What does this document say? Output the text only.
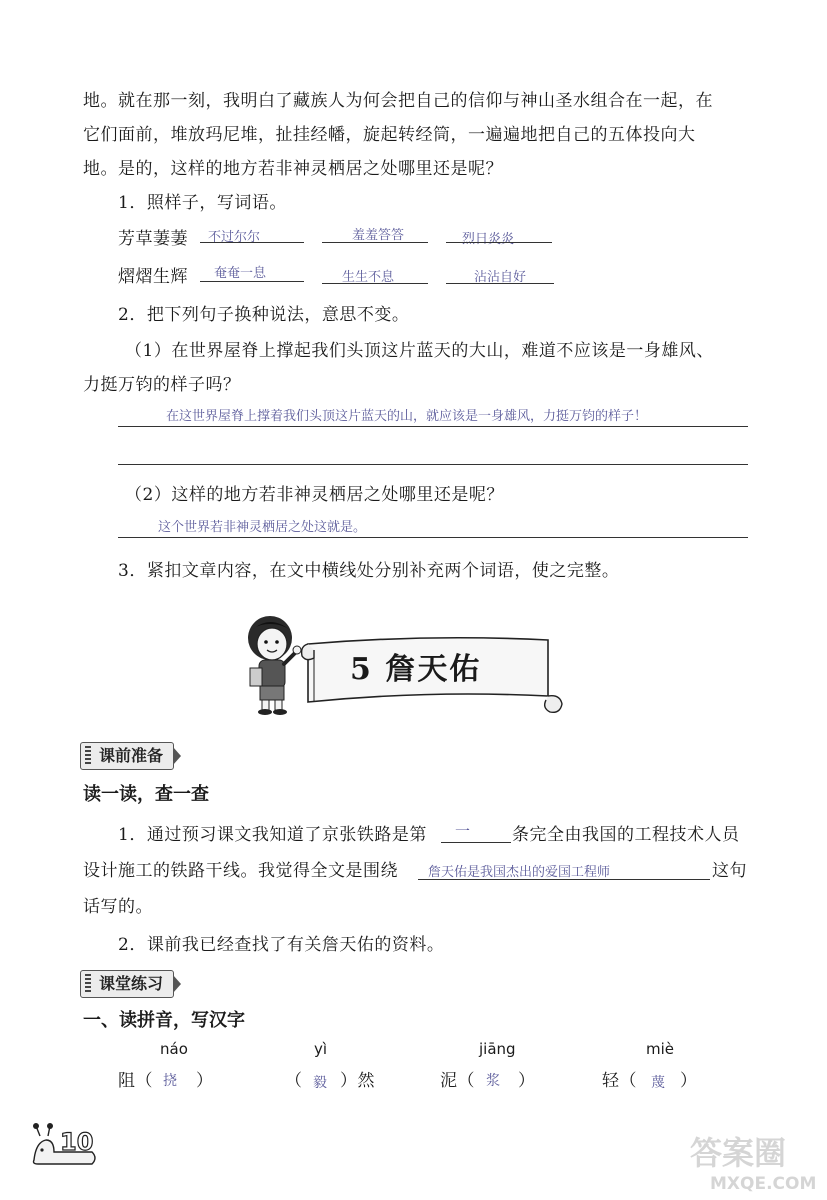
地。就在那一刻，我明白了藏族人为何会把自己的信仰与神山圣水组合在一起，在
它们面前，堆放玛尼堆，扯挂经幡，旋起转经筒，一遍遍地把自己的五体投向大
地。是的，这样的地方若非神灵栖居之处哪里还是呢？
1．照样子，写词语。
芳草萋萋 不过尔尔	羞羞答答	烈日炎炎
熠熠生辉 奄奄一息	生生不息	沾沾自好
2．把下列句子换种说法，意思不变。
（1）在世界屋脊上撑起我们头顶这片蓝天的大山，难道不应该是一身雄风、
力挺万钧的样子吗？
在这世界屋脊上撑着我们头顶这片蓝天的山，就应该是一身雄风，力挺万钧的样子！
（2）这样的地方若非神灵栖居之处哪里还是呢？
这个世界若非神灵栖居之处这就是。
3．紧扣文章内容，在文中横线处分别补充两个词语，使之完整。
5 詹天佑
课前准备
读一读，查一查
1．通过预习课文我知道了京张铁路是第 一 条完全由我国的工程技术人员
设计施工的铁路干线。我觉得全文是围绕 詹天佑是我国杰出的爱国工程师	这句
话写的。
2．课前我已经查找了有关詹天佑的资料。
课堂练习
一、读拼音，写汉字
náo
阻（ 挠 ）
yì
（ 毅 ）然
jiāng
泥（ 浆 ）
miè
轻（ 蔑 ）
10	答案圈
MXQE.COM
